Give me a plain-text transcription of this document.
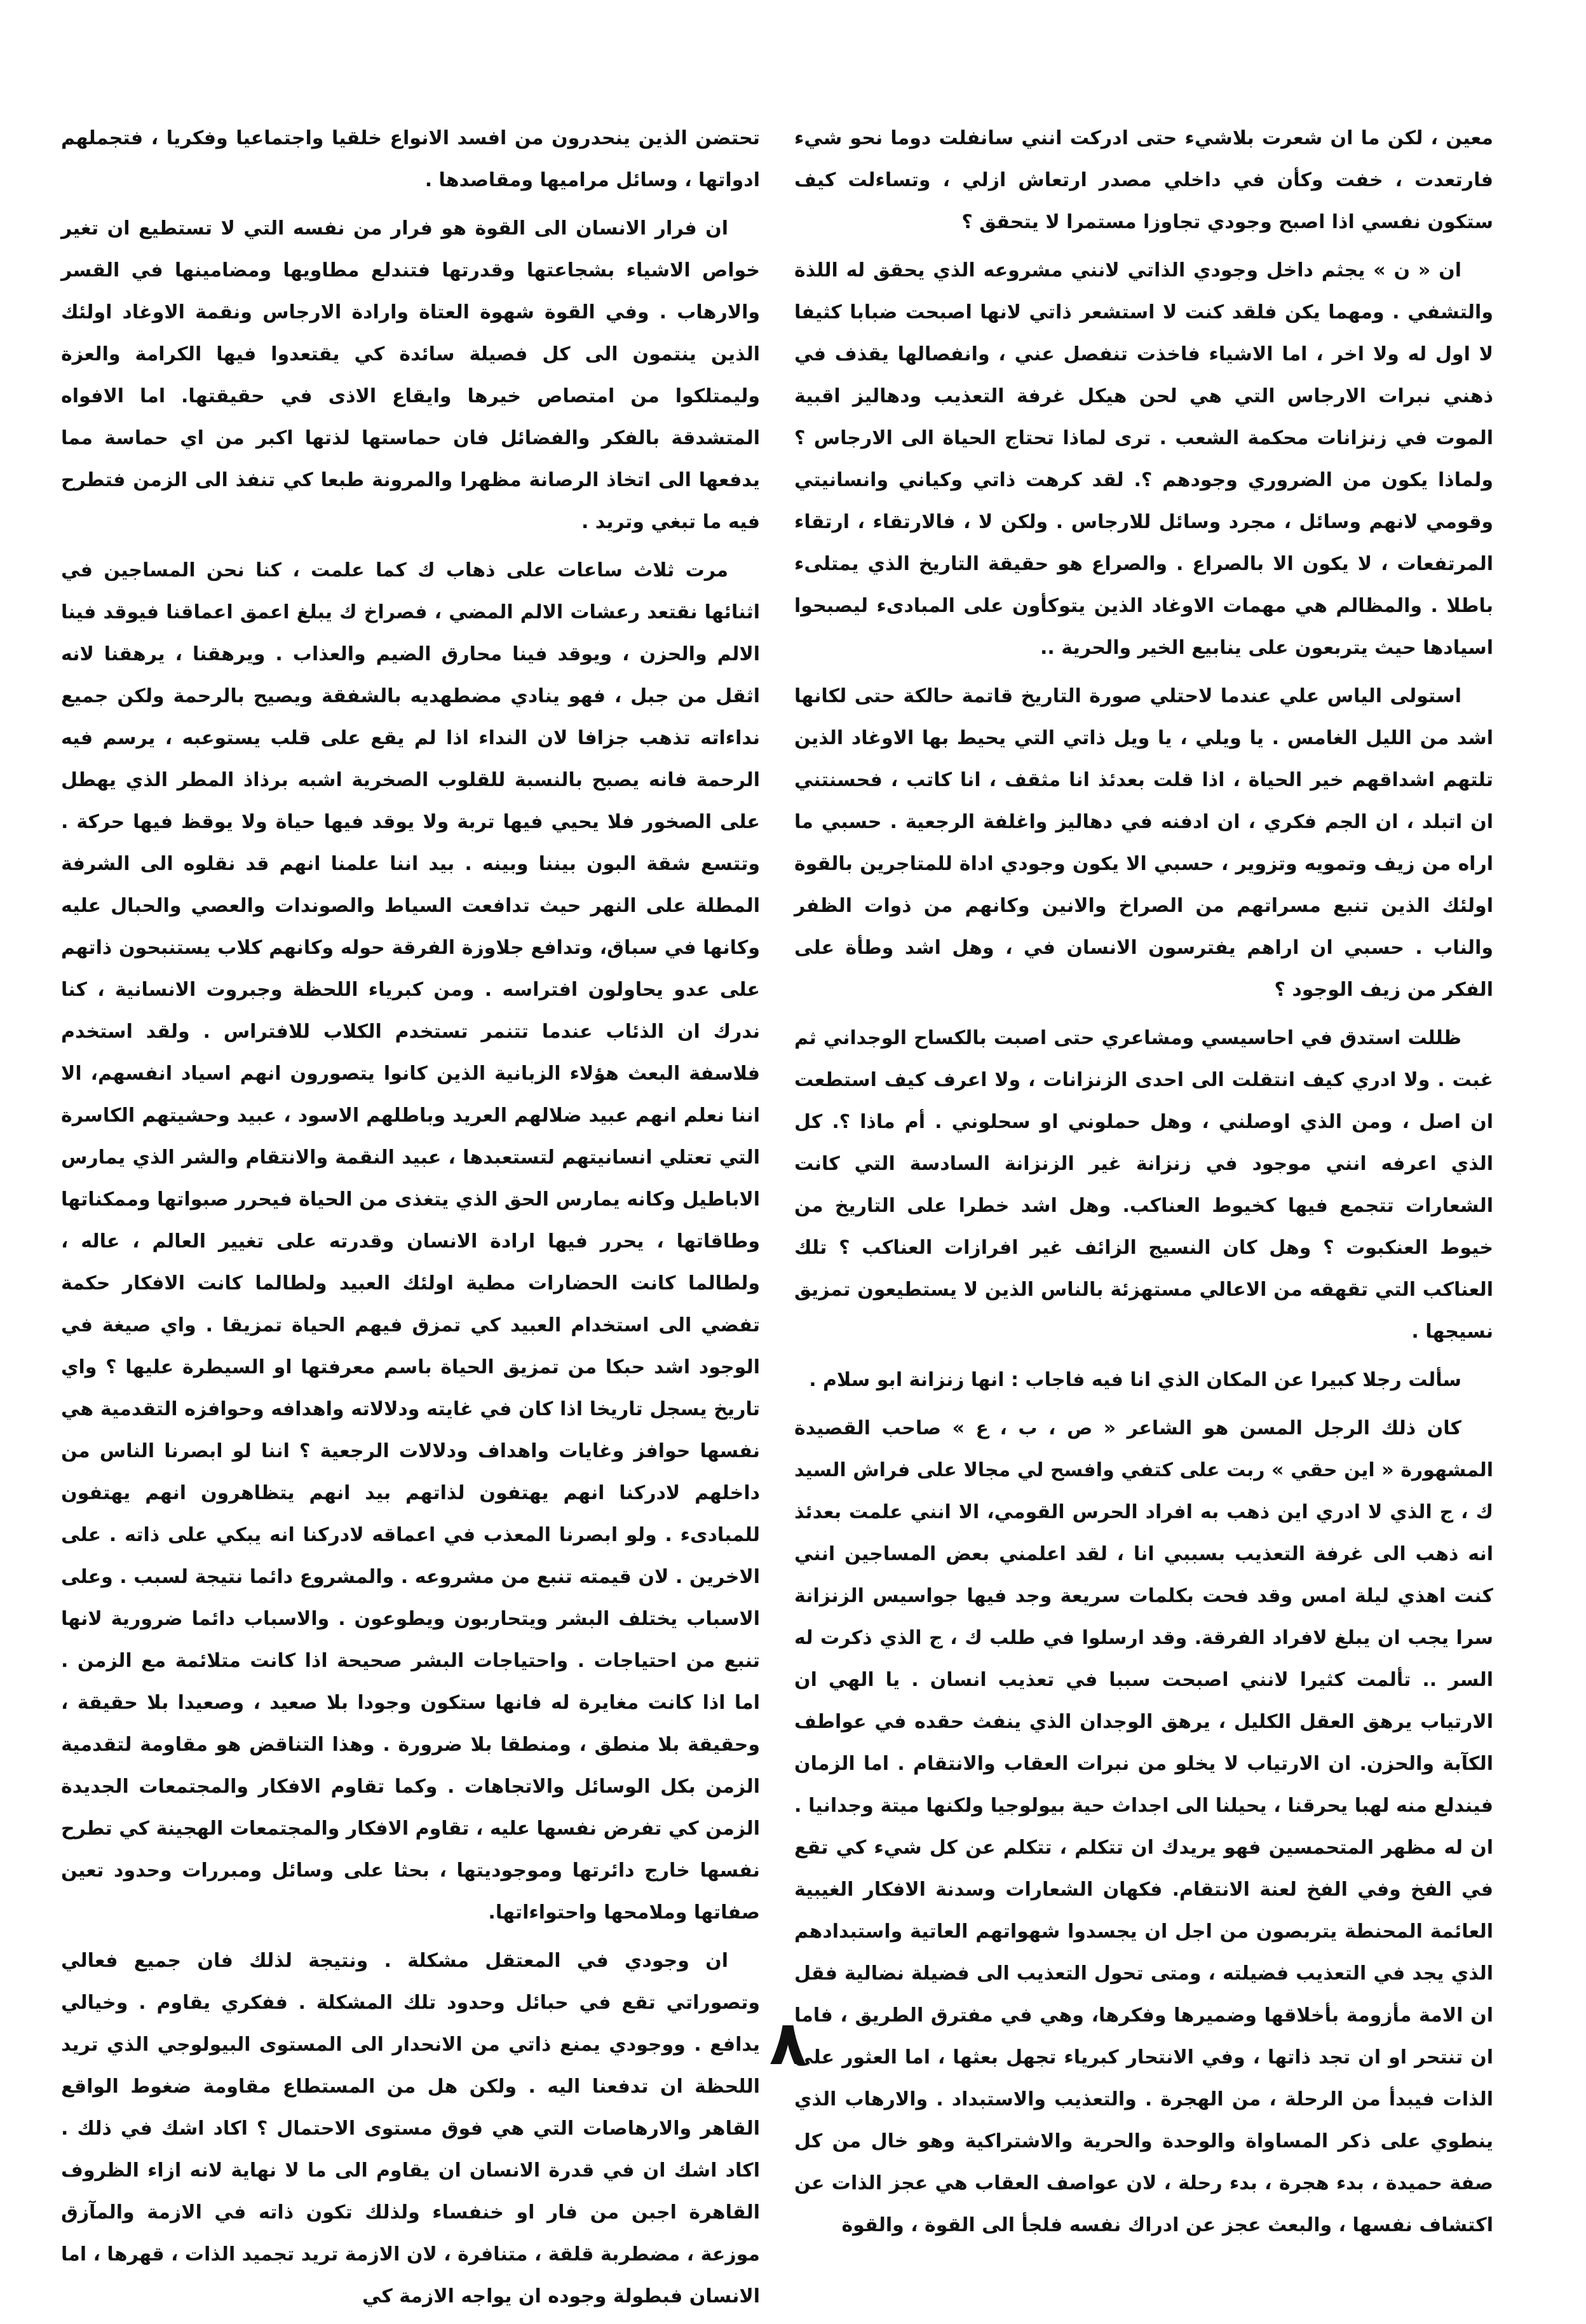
معين ، لكن ما ان شعرت بلاشيء حتى ادركت انني سانفلت دوما نحو شيء فارتعدت ، خفت وكأن في داخلي مصدر ارتعاش ازلي ، وتساءلت كيف ستكون نفسي اذا اصبح وجودي تجاوزا مستمرا لا يتحقق ؟

ان « ن » يجثم داخل وجودي الذاتي لانني مشروعه الذي يحقق له اللذة والتشفي . ومهما يكن فلقد كنت لا استشعر ذاتي لانها اصبحت ضبابا كثيفا لا اول له ولا اخر ، اما الاشياء فاخذت تنفصل عني ، وانفصالها يقذف في ذهني نبرات الارجاس التي هي لحن هيكل غرفة التعذيب ودهاليز اقبية الموت في زنزانات محكمة الشعب . ترى لماذا تحتاج الحياة الى الارجاس ؟ ولماذا يكون من الضروري وجودهم ؟. لقد كرهت ذاتي وكياني وانسانيتي وقومي لانهم وسائل ، مجرد وسائل للارجاس . ولكن لا ، فالارتقاء ، ارتقاء المرتفعات ، لا يكون الا بالصراع . والصراع هو حقيقة التاريخ الذي يمتلىء باطلا . والمظالم هي مهمات الاوغاد الذين يتوكأون على المبادىء ليصبحوا اسيادها حيث يتربعون على ينابيع الخير والحرية ..

استولى الياس علي عندما لاحتلي صورة التاريخ قاتمة حالكة حتى لكانها اشد من الليل الغامس . يا ويلي ، يا ويل ذاتي التي يحيط بها الاوغاد الذين تلتهم اشداقهم خير الحياة ، اذا قلت بعدئذ انا مثقف ، انا كاتب ، فحسنتني ان اتبلد ، ان الجم فكري ، ان ادفنه في دهاليز واغلفة الرجعية . حسبي ما اراه من زيف وتمويه وتزوير ، حسبي الا يكون وجودي اداة للمتاجرين بالقوة اولئك الذين تنبع مسراتهم من الصراخ والانين وكانهم من ذوات الظفر والناب . حسبي ان اراهم يفترسون الانسان في ، وهل اشد وطأة على الفكر من زيف الوجود ؟

ظللت استدق في احاسيسي ومشاعري حتى اصبت بالكساح الوجداني ثم غبت . ولا ادري كيف انتقلت الى احدى الزنزانات ، ولا اعرف كيف استطعت ان اصل ، ومن الذي اوصلني ، وهل حملوني او سحلوني . أم ماذا ؟. كل الذي اعرفه انني موجود في زنزانة غير الزنزانة السادسة التي كانت الشعارات تتجمع فيها كخيوط العناكب. وهل اشد خطرا على التاريخ من خيوط العنكبوت ؟ وهل كان النسيج الزائف غير افرازات العناكب ؟ تلك العناكب التي تقهقه من الاعالي مستهزئة بالناس الذين لا يستطيعون تمزيق نسيجها .

سألت رجلا كبيرا عن المكان الذي انا فيه فاجاب : انها زنزانة ابو سلام .

كان ذلك الرجل المسن هو الشاعر « ص ، ب ، ع » صاحب القصيدة المشهورة « اين حقي » ربت على كتفي وافسح لي مجالا على فراش السيد ك ، ج الذي لا ادري اين ذهب به افراد الحرس القومي، الا انني علمت بعدئذ انه ذهب الى غرفة التعذيب بسببي انا ، لقد اعلمني بعض المساجين انني كنت اهذي ليلة امس وقد فحت بكلمات سريعة وجد فيها جواسيس الزنزانة سرا يجب ان يبلغ لافراد الفرقة. وقد ارسلوا في طلب ك ، ج الذي ذكرت له السر .. تألمت كثيرا لانني اصبحت سببا في تعذيب انسان . يا الهي ان الارتياب يرهق العقل الكليل ، يرهق الوجدان الذي ينفث حقده في عواطف الكآبة والحزن. ان الارتياب لا يخلو من نبرات العقاب والانتقام . اما الزمان فيندلع منه لهبا يحرقنا ، يحيلنا الى اجداث حية بيولوجيا ولكنها ميتة وجدانيا . ان له مظهر المتحمسين فهو يريدك ان تتكلم ، تتكلم عن كل شيء كي تقع في الفخ وفي الفخ لعنة الانتقام. فكهان الشعارات وسدنة الافكار الغيبية العائمة المحنطة يتربصون من اجل ان يجسدوا شهواتهم العاتية واستبدادهم الذي يجد في التعذيب فضيلته ، ومتى تحول التعذيب الى فضيلة نضالية فقل ان الامة مأزومة بأخلاقها وضميرها وفكرها، وهي في مفترق الطريق ، فاما ان تنتحر او ان تجد ذاتها ، وفي الانتحار كبرياء تجهل بعثها ، اما العثور على الذات فيبدأ من الرحلة ، من الهجرة . والتعذيب والاستبداد . والارهاب الذي ينطوي على ذكر المساواة والوحدة والحرية والاشتراكية وهو خال من كل صفة حميدة ، بدء هجرة ، بدء رحلة ، لان عواصف العقاب هي عجز الذات عن اكتشاف نفسها ، والبعث عجز عن ادراك نفسه فلجأ الى القوة ، والقوة

تحتضن الذين ينحدرون من افسد الانواع خلقيا واجتماعيا وفكريا ، فتجملهم ادواتها ، وسائل مراميها ومقاصدها .

ان فرار الانسان الى القوة هو فرار من نفسه التي لا تستطيع ان تغير خواص الاشياء بشجاعتها وقدرتها فتندلع مطاويها ومضامينها في القسر والارهاب . وفي القوة شهوة العتاة وارادة الارجاس ونقمة الاوغاد اولئك الذين ينتمون الى كل فصيلة سائدة كي يقتعدوا فيها الكرامة والعزة وليمتلكوا من امتصاص خيرها وايقاع الاذى في حقيقتها. اما الافواه المتشدقة بالفكر والفضائل فان حماستها لذتها اكبر من اي حماسة مما يدفعها الى اتخاذ الرصانة مظهرا والمرونة طبعا كي تنفذ الى الزمن فتطرح فيه ما تبغي وتريد .

مرت ثلاث ساعات على ذهاب ك كما علمت ، كنا نحن المساجين في اثنائها نقتعد رعشات الالم المضي ، فصراخ ك يبلغ اعمق اعماقنا فيوقد فينا الالم والحزن ، ويوقد فينا محارق الضيم والعذاب . ويرهقنا ، يرهقنا لانه اثقل من جبل ، فهو ينادي مضطهديه بالشفقة ويصيح بالرحمة ولكن جميع نداءاته تذهب جزافا لان النداء اذا لم يقع على قلب يستوعبه ، يرسم فيه الرحمة فانه يصبح بالنسبة للقلوب الصخرية اشبه برذاذ المطر الذي يهطل على الصخور فلا يحيي فيها تربة ولا يوقد فيها حياة ولا يوقظ فيها حركة . وتتسع شقة البون بيننا وبينه . بيد اننا علمنا انهم قد نقلوه الى الشرفة المطلة على النهر حيث تدافعت السياط والصوندات والعصي والحبال عليه وكانها في سباق، وتدافع جلاوزة الفرقة حوله وكانهم كلاب يستنبحون ذاتهم على عدو يحاولون افتراسه . ومن كبرياء اللحظة وجبروت الانسانية ، كنا ندرك ان الذئاب عندما تتنمر تستخدم الكلاب للافتراس . ولقد استخدم فلاسفة البعث هؤلاء الزبانية الذين كانوا يتصورون انهم اسياد انفسهم، الا اننا نعلم انهم عبيد ضلالهم العريد وباطلهم الاسود ، عبيد وحشيتهم الكاسرة التي تعتلي انسانيتهم لتستعبدها ، عبيد النقمة والانتقام والشر الذي يمارس الاباطيل وكانه يمارس الحق الذي يتغذى من الحياة فيحرر صبواتها وممكناتها وطاقاتها ، يحرر فيها ارادة الانسان وقدرته على تغيير العالم ، عاله ، ولطالما كانت الحضارات مطية اولئك العبيد ولطالما كانت الافكار حكمة تفضي الى استخدام العبيد كي تمزق فيهم الحياة تمزيقا . واي صيغة في الوجود اشد حبكا من تمزيق الحياة باسم معرفتها او السيطرة عليها ؟ واي تاريخ يسجل تاريخا اذا كان في غايته ودلالاته واهدافه وحوافزه التقدمية هي نفسها حوافز وغايات واهداف ودلالات الرجعية ؟ اننا لو ابصرنا الناس من داخلهم لادركنا انهم يهتفون لذاتهم بيد انهم يتظاهرون انهم يهتفون للمبادىء . ولو ابصرنا المعذب في اعماقه لادركنا انه يبكي على ذاته . على الاخرين . لان قيمته تنبع من مشروعه . والمشروع دائما نتيجة لسبب . وعلى الاسباب يختلف البشر ويتحاربون ويطوعون . والاسباب دائما ضرورية لانها تنبع من احتياجات . واحتياجات البشر صحيحة اذا كانت متلائمة مع الزمن . اما اذا كانت مغايرة له فانها ستكون وجودا بلا صعيد ، وصعيدا بلا حقيقة ، وحقيقة بلا منطق ، ومنطقا بلا ضرورة . وهذا التناقض هو مقاومة لتقدمية الزمن بكل الوسائل والاتجاهات . وكما تقاوم الافكار والمجتمعات الجديدة الزمن كي تفرض نفسها عليه ، تقاوم الافكار والمجتمعات الهجينة كي تطرح نفسها خارج دائرتها وموجوديتها ، بحثا على وسائل ومبررات وحدود تعين صفاتها وملامحها واحتواءاتها.

ان وجودي في المعتقل مشكلة . ونتيجة لذلك فان جميع فعالي وتصوراتي تقع في حبائل وحدود تلك المشكلة . ففكري يقاوم . وخيالي يدافع . ووجودي يمنع ذاتي من الانحدار الى المستوى البيولوجي الذي تريد اللحظة ان تدفعنا اليه . ولكن هل من المستطاع مقاومة ضغوط الواقع القاهر والارهاصات التي هي فوق مستوى الاحتمال ؟ اكاد اشك في ذلك . اكاد اشك ان في قدرة الانسان ان يقاوم الى ما لا نهاية لانه ازاء الظروف القاهرة اجبن من فار او خنفساء ولذلك تكون ذاته في الازمة والمآزق موزعة ، مضطربة قلقة ، متنافرة ، لان الازمة تريد تجميد الذات ، قهرها ، اما الانسان فبطولة وجوده ان يواجه الازمة كي

٨
